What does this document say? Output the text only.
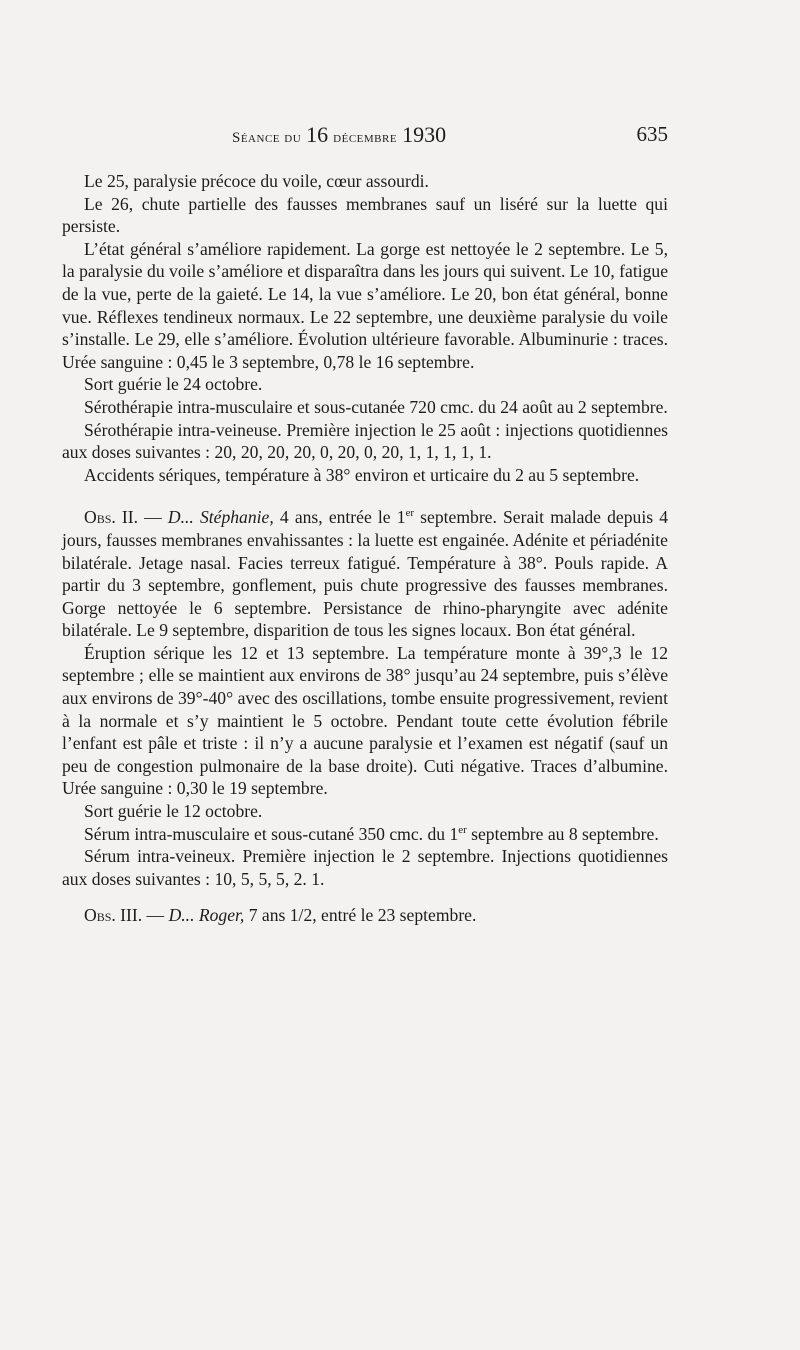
Séance du 16 décembre 1930	635

Le 25, paralysie précoce du voile, cœur assourdi.

Le 26, chute partielle des fausses membranes sauf un liséré sur la luette qui persiste.

L’état général s’améliore rapidement. La gorge est nettoyée le 2 septembre. Le 5, la paralysie du voile s’améliore et disparaîtra dans les jours qui suivent. Le 10, fatigue de la vue, perte de la gaieté. Le 14, la vue s’améliore. Le 20, bon état général, bonne vue. Réflexes tendineux normaux. Le 22 septembre, une deuxième paralysie du voile s’installe. Le 29, elle s’améliore. Évolution ultérieure favorable. Albuminurie : traces. Urée sanguine : 0,45 le 3 septembre, 0,78 le 16 septembre.

Sort guérie le 24 octobre.

Sérothérapie intra-musculaire et sous-cutanée 720 cmc. du 24 août au 2 septembre.

Sérothérapie intra-veineuse. Première injection le 25 août : injections quotidiennes aux doses suivantes : 20, 20, 20, 20, 0, 20, 0, 20, 1, 1, 1, 1, 1.

Accidents sériques, température à 38° environ et urticaire du 2 au 5 septembre.

Obs. II. — D... Stéphanie, 4 ans, entrée le 1er septembre. Serait malade depuis 4 jours, fausses membranes envahissantes : la luette est engainée. Adénite et périadénite bilatérale. Jetage nasal. Facies terreux fatigué. Température à 38°. Pouls rapide. A partir du 3 septembre, gonflement, puis chute progressive des fausses membranes. Gorge nettoyée le 6 septembre. Persistance de rhino-pharyngite avec adénite bilatérale. Le 9 septembre, disparition de tous les signes locaux. Bon état général.

Éruption sérique les 12 et 13 septembre. La température monte à 39°,3 le 12 septembre ; elle se maintient aux environs de 38° jusqu’au 24 septembre, puis s’élève aux environs de 39°-40° avec des oscillations, tombe ensuite progressivement, revient à la normale et s’y maintient le 5 octobre. Pendant toute cette évolution fébrile l’enfant est pâle et triste : il n’y a aucune paralysie et l’examen est négatif (sauf un peu de congestion pulmonaire de la base droite). Cuti négative. Traces d’albumine. Urée sanguine : 0,30 le 19 septembre.

Sort guérie le 12 octobre.

Sérum intra-musculaire et sous-cutané 350 cmc. du 1er septembre au 8 septembre.

Sérum intra-veineux. Première injection le 2 septembre. Injections quotidiennes aux doses suivantes : 10, 5, 5, 5, 2. 1.

Obs. III. — D... Roger, 7 ans 1/2, entré le 23 septembre.
